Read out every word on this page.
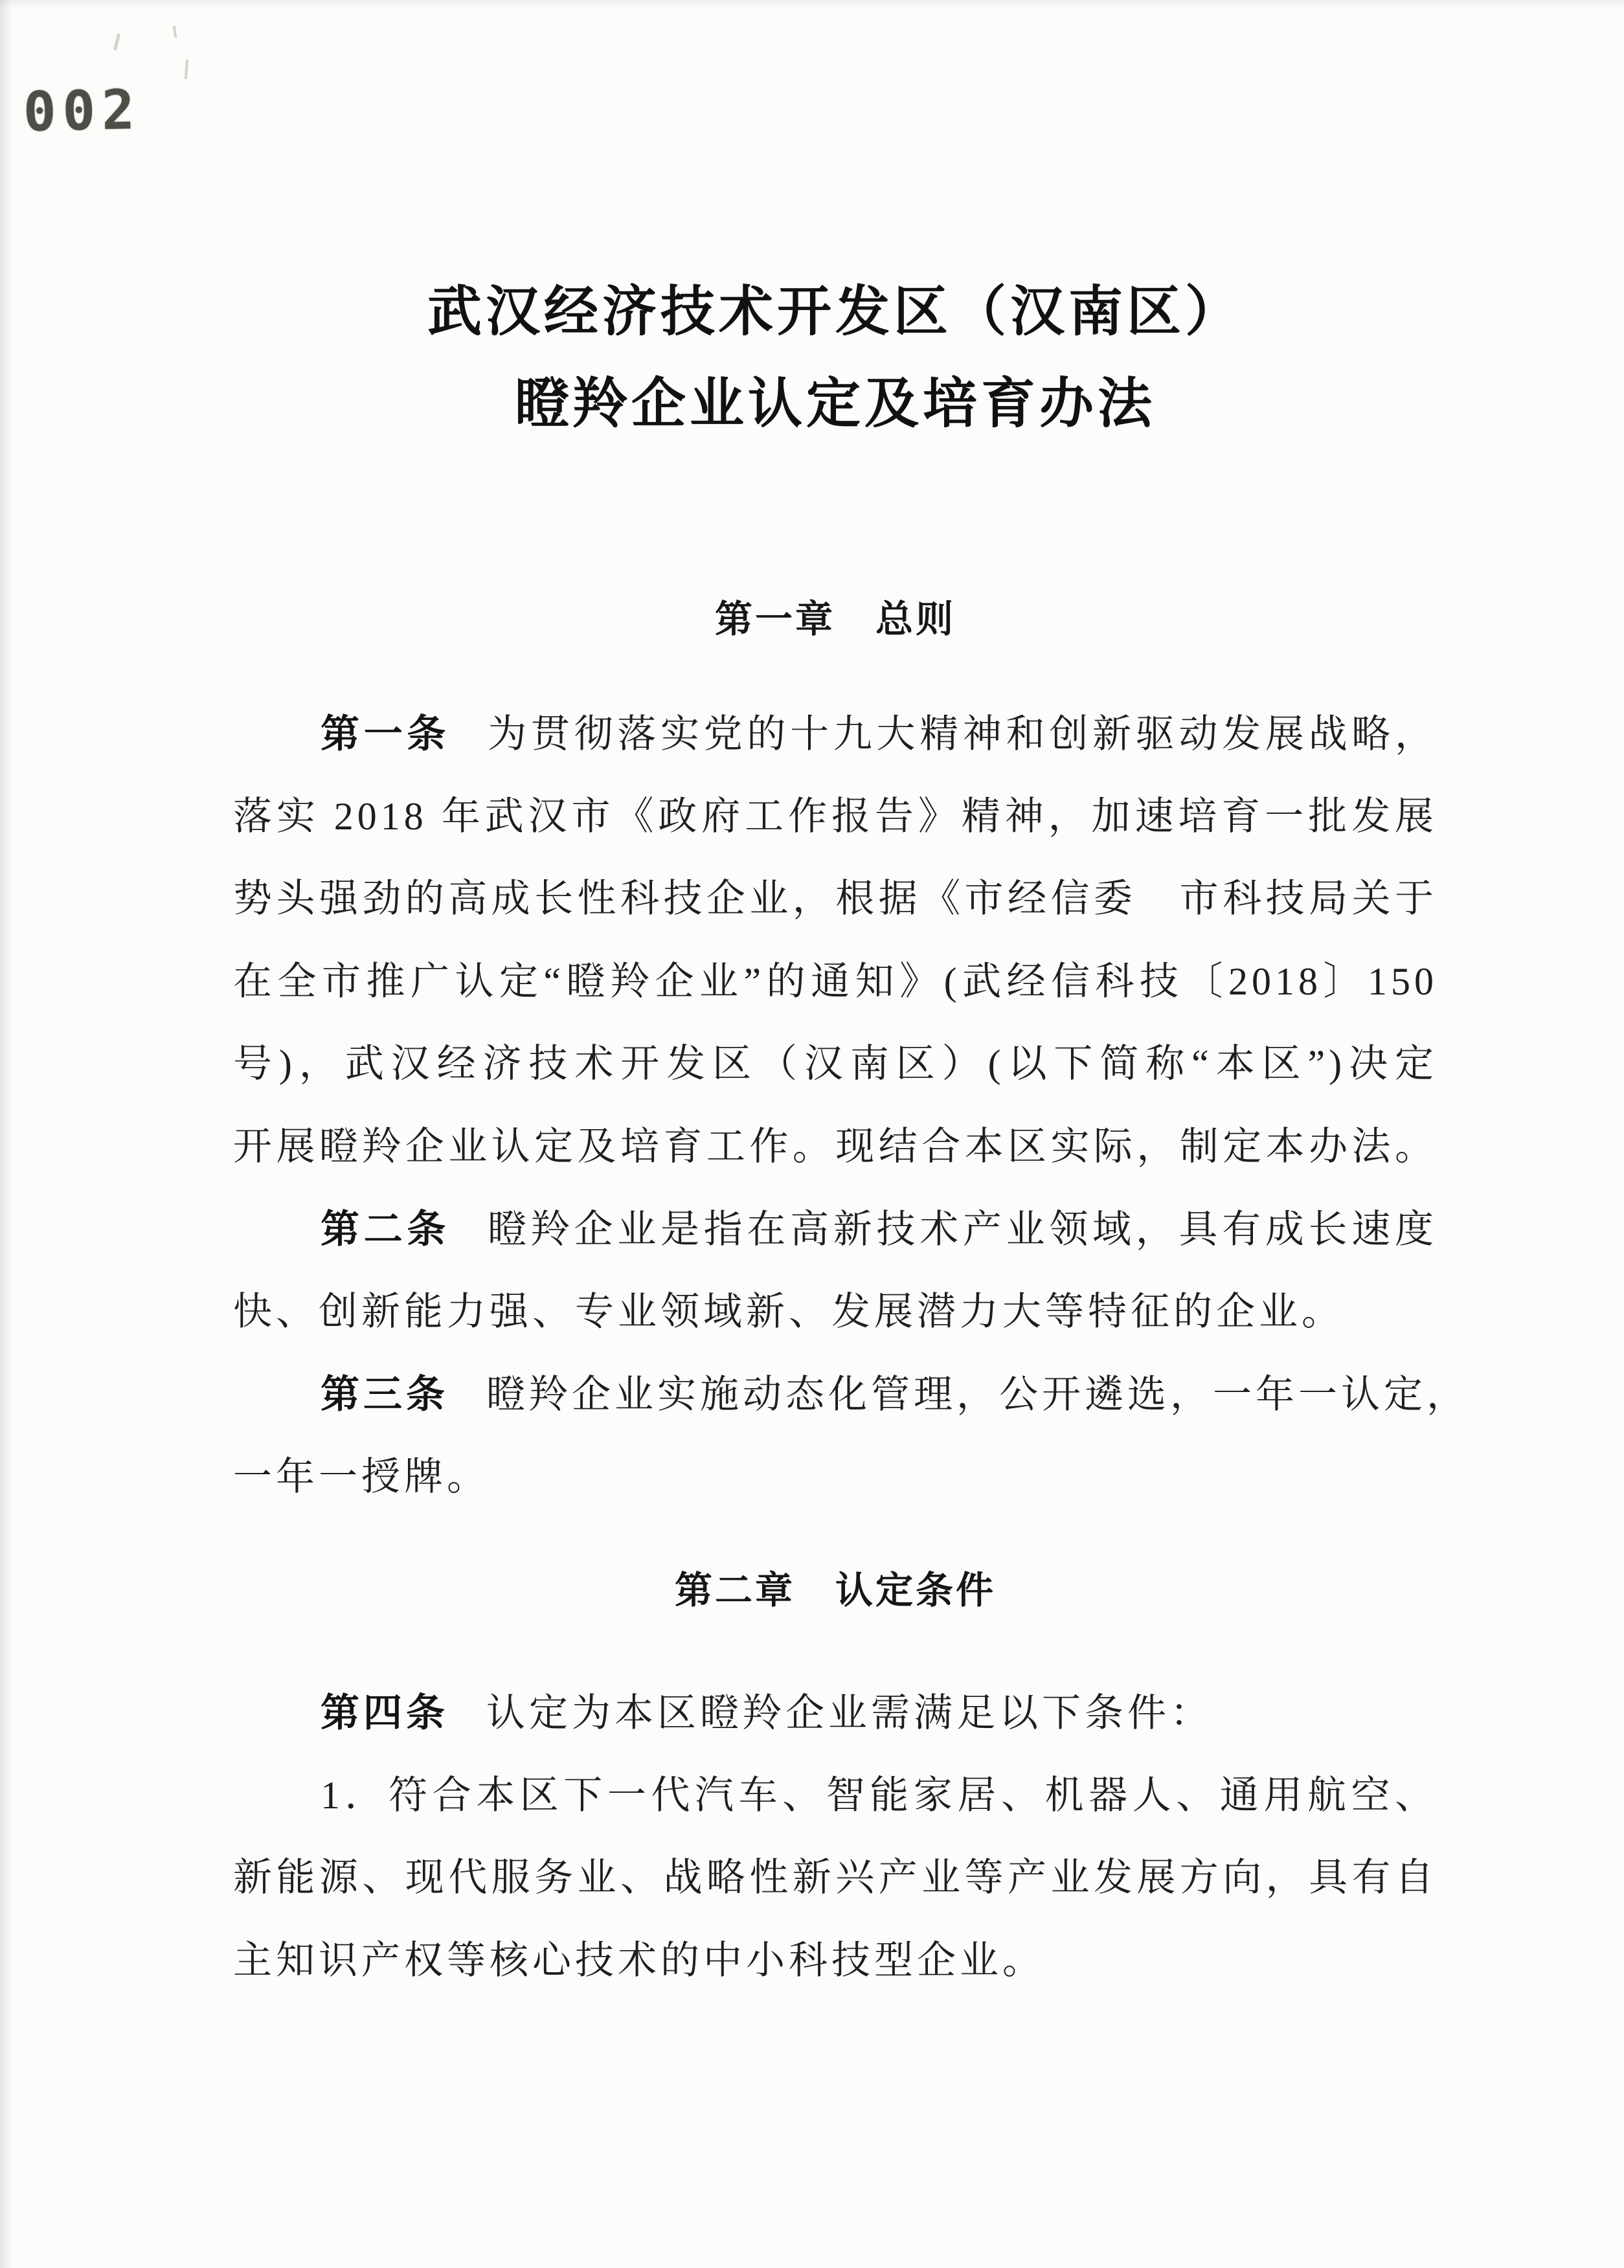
002
武汉经济技术开发区（汉南区）
瞪羚企业认定及培育办法
第一章　总则
第一条 为贯彻落实党的十九大精神和创新驱动发展战略，
落实 2018 年武汉市《政府工作报告》精神，加速培育一批发展
势头强劲的高成长性科技企业，根据《市经信委　市科技局关于
在全市推广认定“瞪羚企业”的通知》(武经信科技〔2018〕150
号)，武汉经济技术开发区（汉南区）(以下简称“本区”)决定
开展瞪羚企业认定及培育工作。现结合本区实际，制定本办法。
第二条 瞪羚企业是指在高新技术产业领域，具有成长速度
快、创新能力强、专业领域新、发展潜力大等特征的企业。
第三条 瞪羚企业实施动态化管理，公开遴选，一年一认定，
一年一授牌。
第二章　认定条件
第四条 认定为本区瞪羚企业需满足以下条件：
1．符合本区下一代汽车、智能家居、机器人、通用航空、
新能源、现代服务业、战略性新兴产业等产业发展方向，具有自
主知识产权等核心技术的中小科技型企业。
